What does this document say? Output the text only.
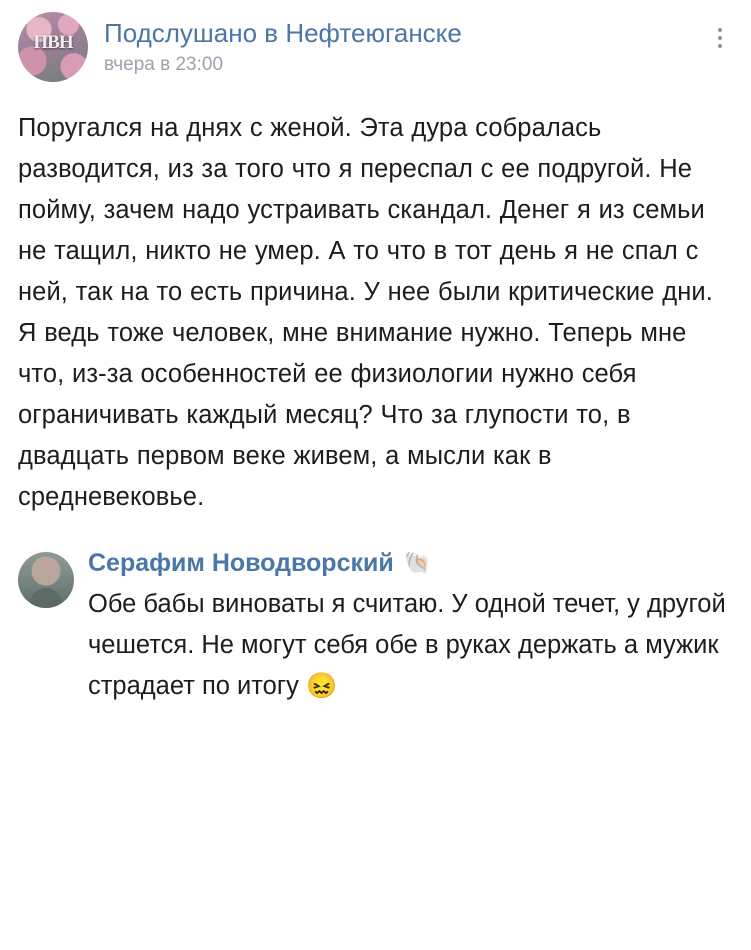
ПВН	Подслушано в Нефтеюганске
вчера в 23:00
Поругался на днях с женой. Эта дура собралась разводится, из за того что я переспал с ее подругой. Не пойму, зачем надо устраивать скандал. Денег я из семьи не тащил, никто не умер. А то что в тот день я не спал с ней, так на то есть причина. У нее были критические дни. Я ведь тоже человек, мне внимание нужно. Теперь мне что, из-за особенностей ее физиологии нужно себя ограничивать каждый месяц? Что за глупости то, в двадцать первом веке живем, а мысли как в средневековье.
Серафим Новодворский 🐚
Обе бабы виноваты я считаю. У одной течет, у другой чешется. Не могут себя обе в руках держать а мужик страдает по итогу 😖
